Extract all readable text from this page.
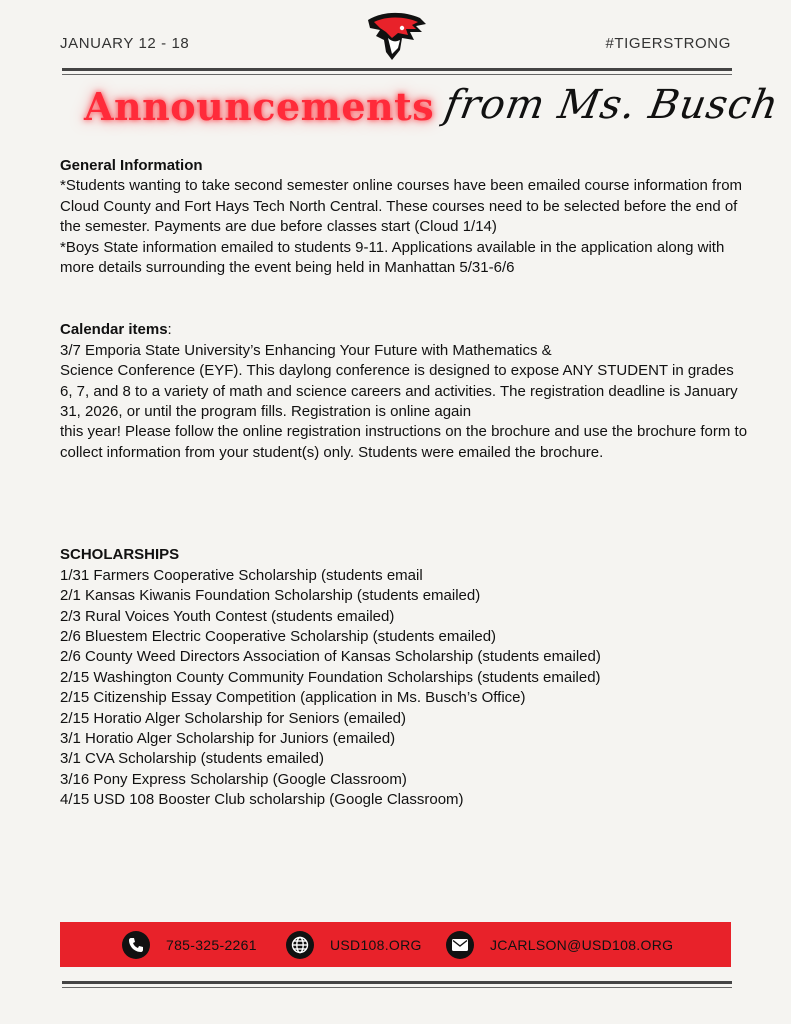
JANUARY 12 - 18	#TIGERSTRONG
Announcements from Ms. Busch

General Information

*Students wanting to take second semester online courses have been emailed course information from Cloud County and Fort Hays Tech North Central. These courses need to be selected before the end of the semester. Payments are due before classes start (Cloud 1/14)

*Boys State information emailed to students 9-11. Applications available in the application along with more details surrounding the event being held in Manhattan 5/31-6/6

Calendar items:

3/7 Emporia State University’s Enhancing Your Future with Mathematics &

Science Conference (EYF). This daylong conference is designed to expose ANY STUDENT in grades 6, 7, and 8 to a variety of math and science careers and activities. The registration deadline is January 31, 2026, or until the program fills. Registration is online again

this year! Please follow the online registration instructions on the brochure and use the brochure form to

collect information from your student(s) only. Students were emailed the brochure.

SCHOLARSHIPS

1/31 Farmers Cooperative Scholarship (students email

2/1 Kansas Kiwanis Foundation Scholarship (students emailed)

2/3 Rural Voices Youth Contest (students emailed)

2/6 Bluestem Electric Cooperative Scholarship (students emailed)

2/6 County Weed Directors Association of Kansas Scholarship (students emailed)

2/15 Washington County Community Foundation Scholarships (students emailed)

2/15 Citizenship Essay Competition (application in Ms. Busch’s Office)

2/15 Horatio Alger Scholarship for Seniors (emailed)

3/1 Horatio Alger Scholarship for Juniors (emailed)

3/1 CVA Scholarship (students emailed)

3/16 Pony Express Scholarship (Google Classroom)

4/15 USD 108 Booster Club scholarship (Google Classroom)

785-325-2261	USD108.ORG	JCARLSON@USD108.ORG
